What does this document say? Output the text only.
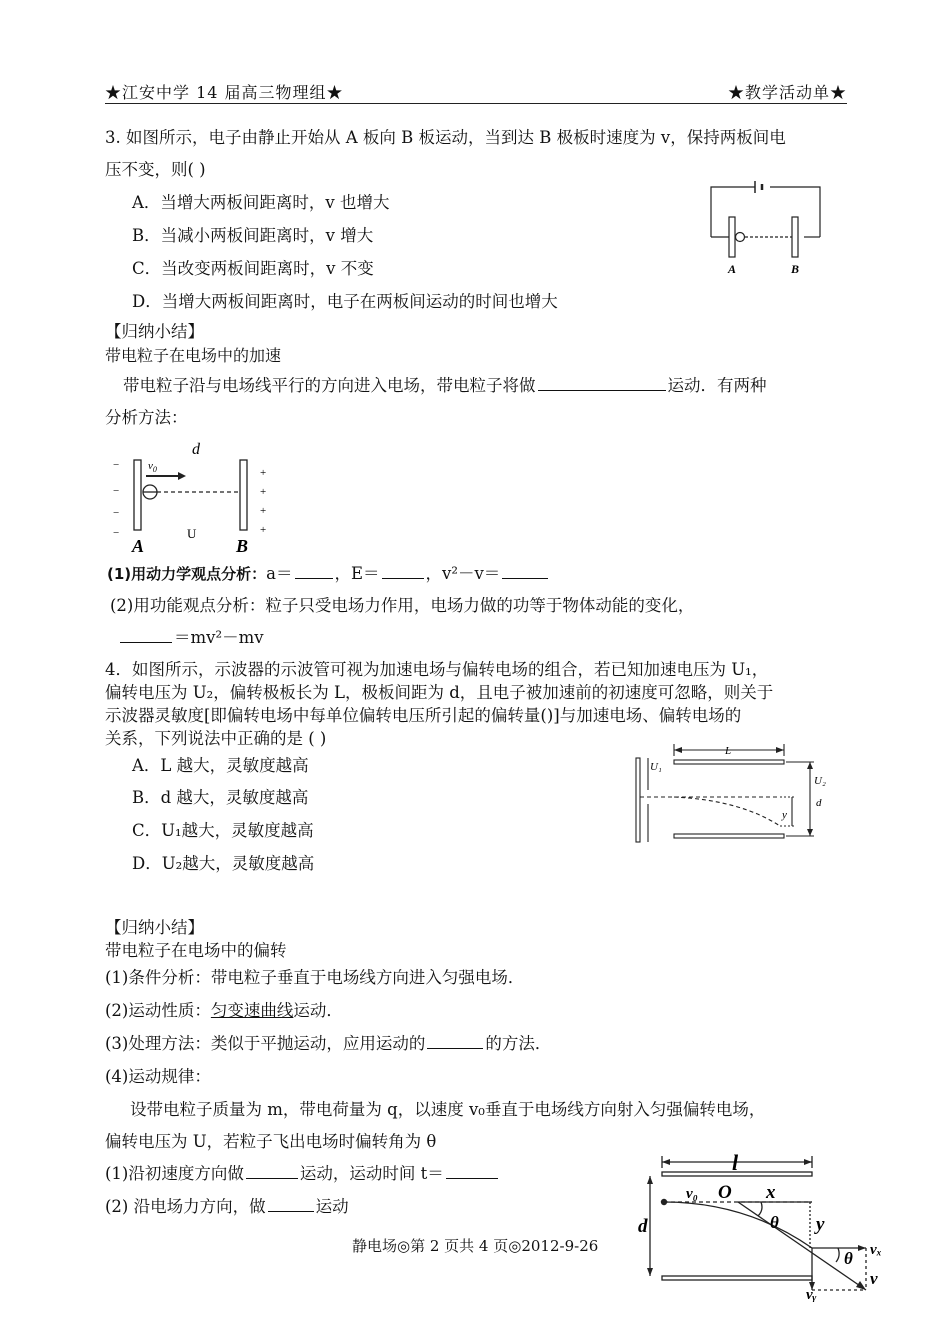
★江安中学 14 届高三物理组★	★教学活动单★
3. 如图所示，电子由静止开始从 A 板向 B 板运动，当到达 B 极板时速度为 v，保持两板间电
压不变，则( )
A．当增大两板间距离时，v 也增大
B．当减小两板间距离时，v 增大
C．当改变两板间距离时，v 不变
D．当增大两板间距离时，电子在两板间运动的时间也增大
A	B
【归纳小结】
带电粒子在电场中的加速
带电粒子沿与电场线平行的方向进入电场，带电粒子将做	运动．有两种
分析方法：
$v_0$
d
U
A	B
−
−
−
−
+
+
+
+
(1)用动力学观点分析：a＝	，E＝	，v²－v＝
(2)用功能观点分析：粒子只受电场力作用，电场力做的功等于物体动能的变化，
＝mv²－mv
4．如图所示，示波器的示波管可视为加速电场与偏转电场的组合，若已知加速电压为 U₁，
偏转电压为 U₂，偏转极板长为 L，极板间距为 d，且电子被加速前的初速度可忽略，则关于
示波器灵敏度[即偏转电场中每单位偏转电压所引起的偏转量()]与加速电场、偏转电场的
关系，下列说法中正确的是 ( )
A．L 越大，灵敏度越高
B．d 越大，灵敏度越高
C．U₁越大，灵敏度越高
D．U₂越大，灵敏度越高
U₁
L
U₂
d
y
【归纳小结】
带电粒子在电场中的偏转
(1)条件分析：带电粒子垂直于电场线方向进入匀强电场．
(2)运动性质：匀变速曲线运动．
(3)处理方法：类似于平抛运动，应用运动的	的方法．
(4)运动规律：
设带电粒子质量为 m，带电荷量为 q，以速度 v₀垂直于电场线方向射入匀强偏转电场，
偏转电压为 U，若粒子飞出电场时偏转角为 θ
(1)沿初速度方向做	运动，运动时间 t＝
(2) 沿电场力方向，做	运动
l
v₀ O x
θ
d	y
θ vₓ
v
vᵧ
静电场◎第 2 页共 4 页◎2012-9-26
